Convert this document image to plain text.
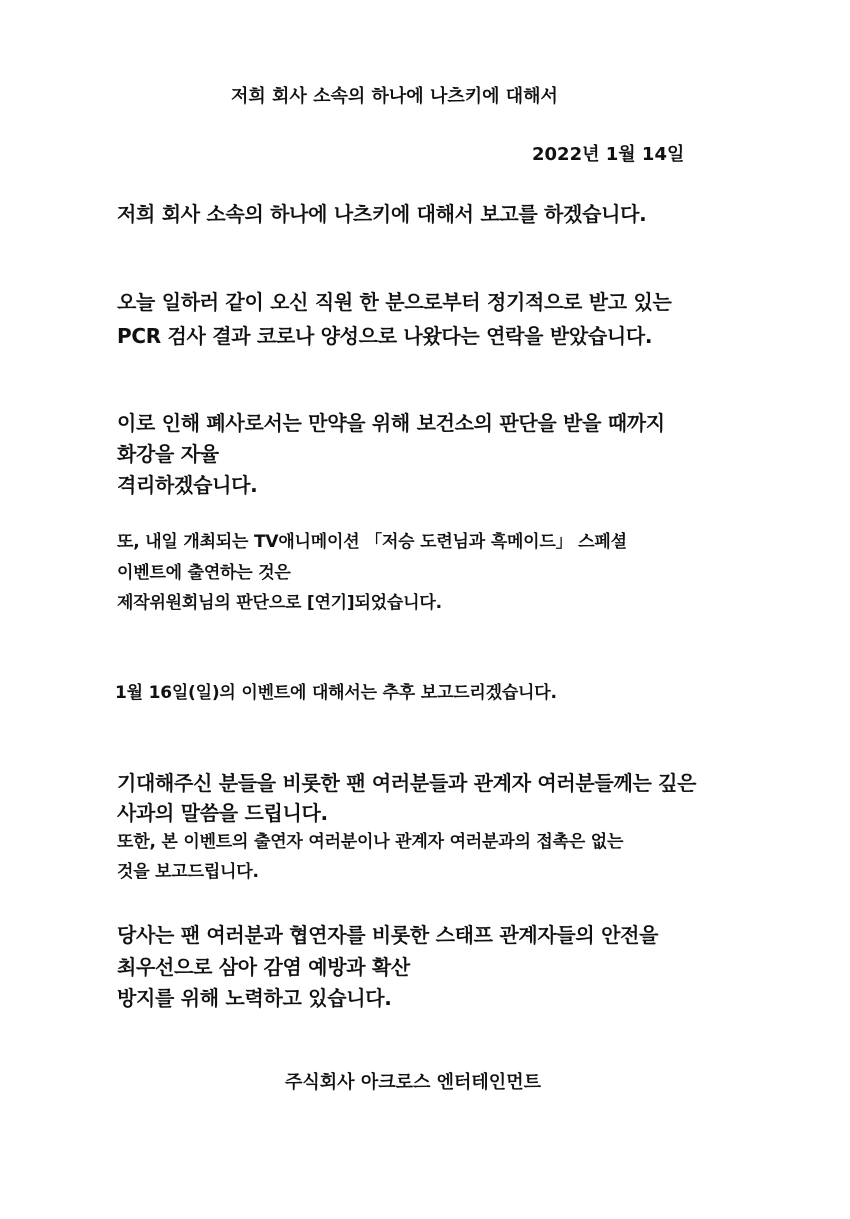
저희 회사 소속의 하나에 나츠키에 대해서
2022년 1월 14일
저희 회사 소속의 하나에 나츠키에 대해서 보고를 하겠습니다.
오늘 일하러 같이 오신 직원 한 분으로부터 정기적으로 받고 있는
PCR 검사 결과 코로나 양성으로 나왔다는 연락을 받았습니다.
이로 인해 폐사로서는 만약을 위해 보건소의 판단을 받을 때까지
화강을 자율
격리하겠습니다.
또, 내일 개최되는 TV애니메이션 「저승 도련님과 흑메이드」 스페셜
이벤트에 출연하는 것은
제작위원회님의 판단으로 [연기]되었습니다.
1월 16일(일)의 이벤트에 대해서는 추후 보고드리겠습니다.
기대해주신 분들을 비롯한 팬 여러분들과 관계자 여러분들께는 깊은
사과의 말씀을 드립니다.
또한, 본 이벤트의 출연자 여러분이나 관계자 여러분과의 접촉은 없는
것을 보고드립니다.
당사는 팬 여러분과 협연자를 비롯한 스태프 관계자들의 안전을
최우선으로 삼아 감염 예방과 확산
방지를 위해 노력하고 있습니다.
주식회사 아크로스 엔터테인먼트
